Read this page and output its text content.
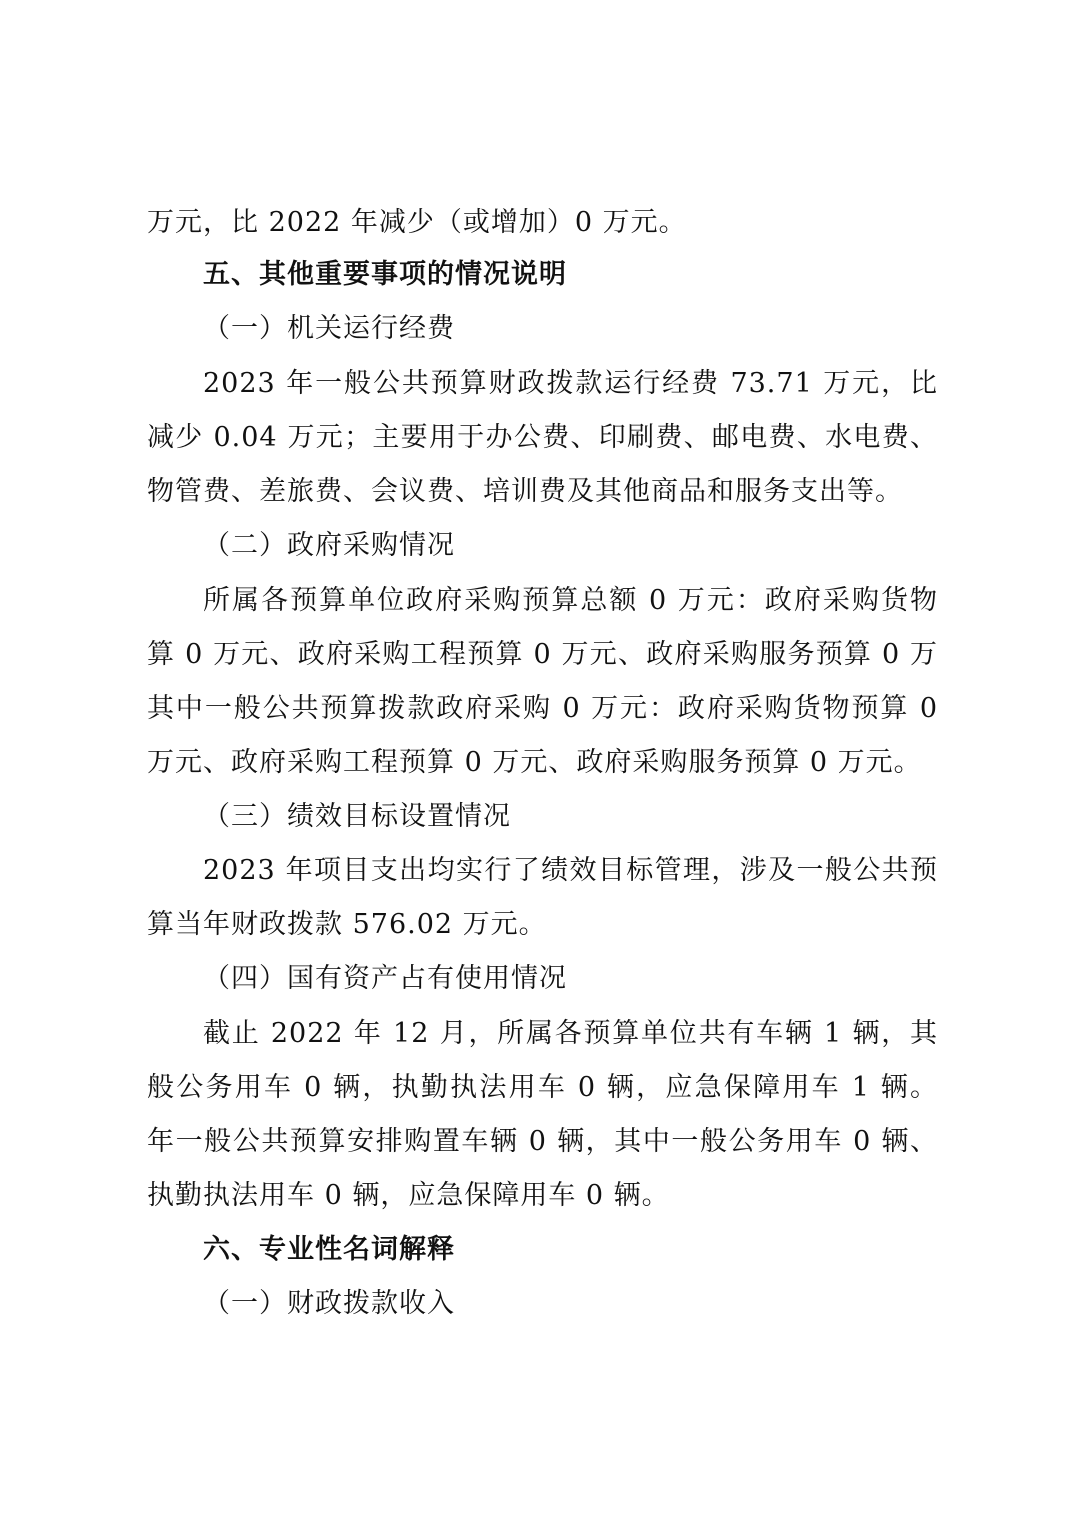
万元，比 2022 年减少（或增加）0 万元。
五、其他重要事项的情况说明
（一）机关运行经费
2023 年一般公共预算财政拨款运行经费 73.71 万元，比
减少 0.04 万元；主要用于办公费、印刷费、邮电费、水电费、
物管费、差旅费、会议费、培训费及其他商品和服务支出等。
（二）政府采购情况
所属各预算单位政府采购预算总额 0 万元：政府采购货物
算 0 万元、政府采购工程预算 0 万元、政府采购服务预算 0 万
其中一般公共预算拨款政府采购 0 万元：政府采购货物预算 0
万元、政府采购工程预算 0 万元、政府采购服务预算 0 万元。
（三）绩效目标设置情况
2023 年项目支出均实行了绩效目标管理，涉及一般公共预
算当年财政拨款 576.02 万元。
（四）国有资产占有使用情况
截止 2022 年 12 月，所属各预算单位共有车辆 1 辆，其
般公务用车 0 辆，执勤执法用车 0 辆，应急保障用车 1 辆。
年一般公共预算安排购置车辆 0 辆，其中一般公务用车 0 辆、
执勤执法用车 0 辆，应急保障用车 0 辆。
六、专业性名词解释
（一）财政拨款收入
